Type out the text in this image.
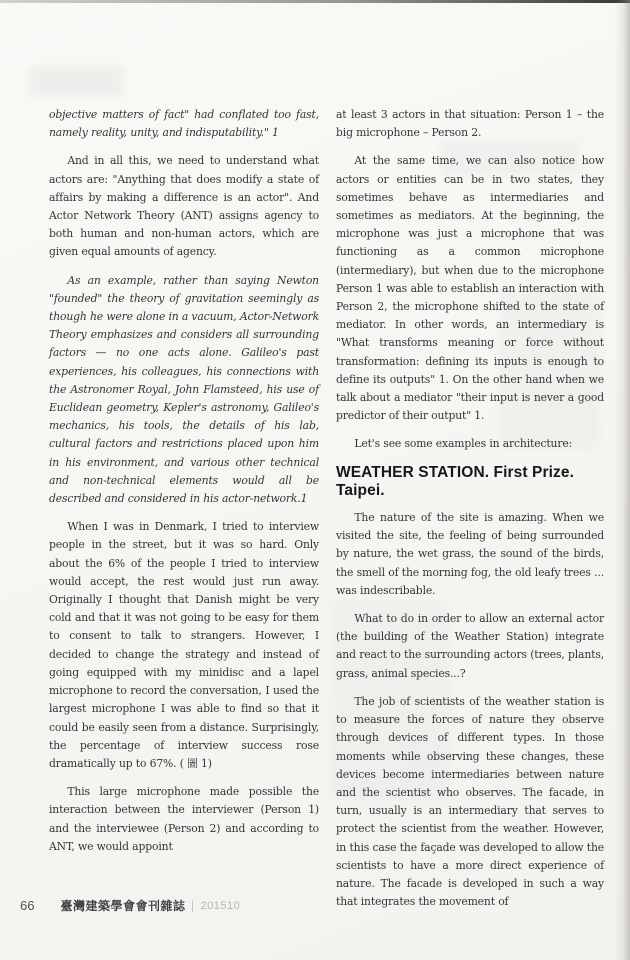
objective matters of fact" had conflated too fast, namely reality, unity, and indisputability." 1

And in all this, we need to understand what actors are: "Anything that does modify a state of affairs by making a difference is an actor". And Actor Network Theory (ANT) assigns agency to both human and non-human actors, which are given equal amounts of agency.

As an example, rather than saying Newton "founded" the theory of gravitation seemingly as though he were alone in a vacuum, Actor-Network Theory emphasizes and considers all surrounding factors — no one acts alone. Galileo's past experiences, his colleagues, his connections with the Astronomer Royal, John Flamsteed, his use of Euclidean geometry, Kepler's astronomy, Galileo's mechanics, his tools, the details of his lab, cultural factors and restrictions placed upon him in his environment, and various other technical and non-technical elements would all be described and considered in his actor-network.1

When I was in Denmark, I tried to interview people in the street, but it was so hard. Only about the 6% of the people I tried to interview would accept, the rest would just run away. Originally I thought that Danish might be very cold and that it was not going to be easy for them to consent to talk to strangers. However, I decided to change the strategy and instead of going equipped with my minidisc and a lapel microphone to record the conversation, I used the largest microphone I was able to find so that it could be easily seen from a distance. Surprisingly, the percentage of interview success rose dramatically up to 67%. ( 圖 1)

This large microphone made possible the interaction between the interviewer (Person 1) and the interviewee (Person 2) and according to ANT, we would appoint

at least 3 actors in that situation: Person 1 – the big microphone – Person 2.

At the same time, we can also notice how actors or entities can be in two states, they sometimes behave as intermediaries and sometimes as mediators. At the beginning, the microphone was just a microphone that was functioning as a common microphone (intermediary), but when due to the microphone Person 1 was able to establish an interaction with Person 2, the microphone shifted to the state of mediator. In other words, an intermediary is "What transforms meaning or force without transformation: defining its inputs is enough to define its outputs" 1. On the other hand when we talk about a mediator "their input is never a good predictor of their output" 1.

Let's see some examples in architecture:

WEATHER STATION. First Prize. Taipei.

The nature of the site is amazing. When we visited the site, the feeling of being surrounded by nature, the wet grass, the sound of the birds, the smell of the morning fog, the old leafy trees ... was indescribable.

What to do in order to allow an external actor (the building of the Weather Station) integrate and react to the surrounding actors (trees, plants, grass, animal species...?

The job of scientists of the weather station is to measure the forces of nature they observe through devices of different types. In those moments while observing these changes, these devices become intermediaries between nature and the scientist who observes. The facade, in turn, usually is an intermediary that serves to protect the scientist from the weather. However, in this case the façade was developed to allow the scientists to have a more direct experience of nature. The facade is developed in such a way that integrates the movement of

66 臺灣建築學會會刊雜誌	201510
